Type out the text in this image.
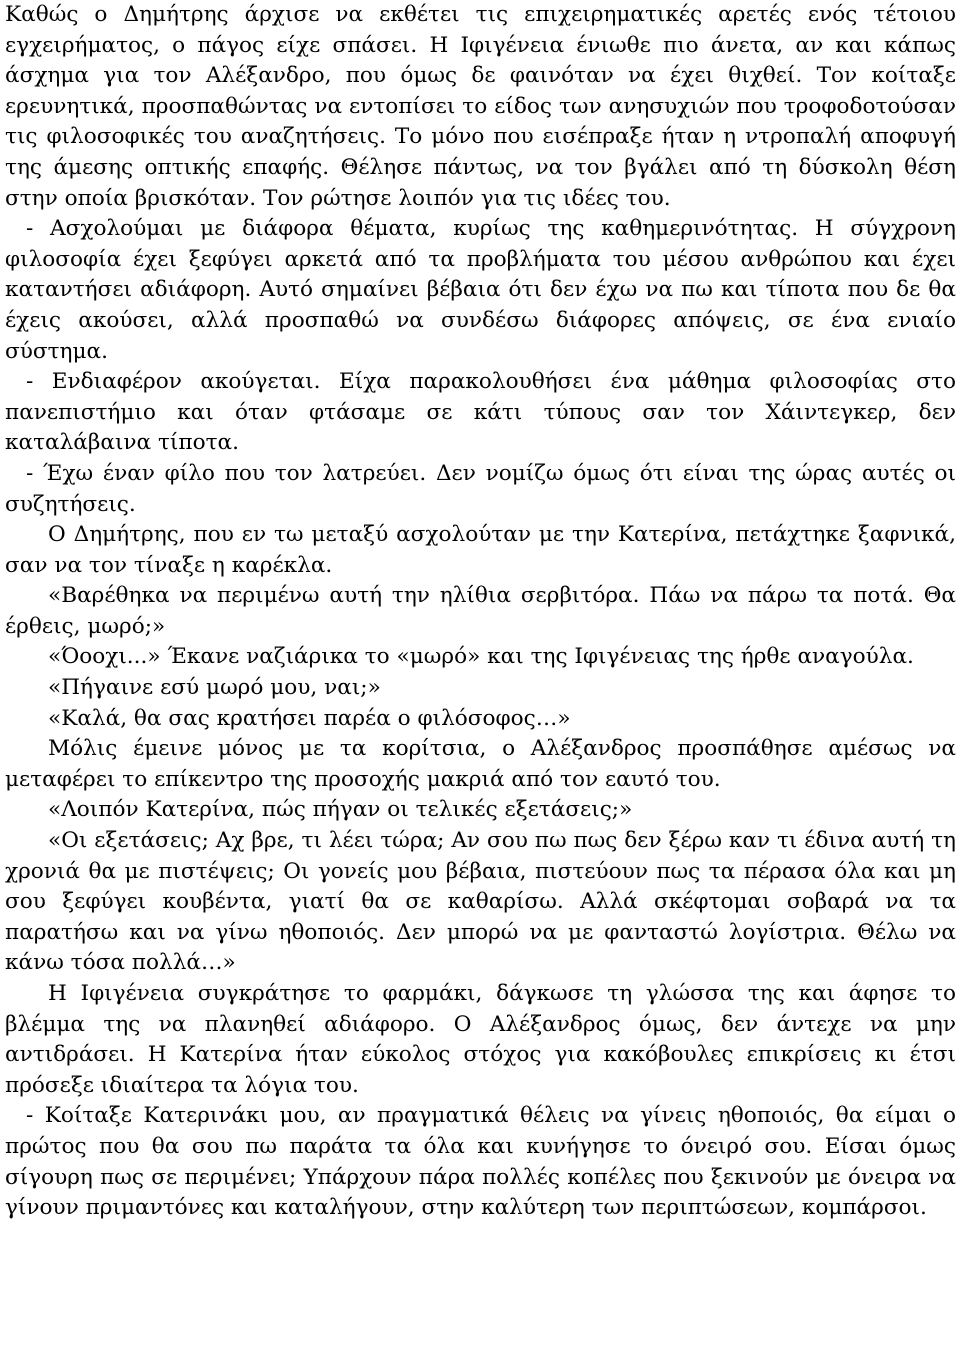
Καθώς ο Δημήτρης άρχισε να εκθέτει τις επιχειρηματικές αρετές ενός τέτοιου εγχειρήματος, ο πάγος είχε σπάσει. Η Ιφιγένεια ένιωθε πιο άνετα, αν και κάπως άσχημα για τον Αλέξανδρο, που όμως δε φαινόταν να έχει θιχθεί. Τον κοίταξε ερευνητικά, προσπαθώντας να εντοπίσει το είδος των ανησυχιών που τροφοδοτούσαν τις φιλοσοφικές του αναζητήσεις. Το μόνο που εισέπραξε ήταν η ντροπαλή αποφυγή της άμεσης οπτικής επαφής. Θέλησε πάντως, να τον βγάλει από τη δύσκολη θέση στην οποία βρισκόταν. Τον ρώτησε λοιπόν για τις ιδέες του.

- Ασχολούμαι με διάφορα θέματα, κυρίως της καθημερινότητας. Η σύγχρονη φιλοσοφία έχει ξεφύγει αρκετά από τα προβλήματα του μέσου ανθρώπου και έχει καταντήσει αδιάφορη. Αυτό σημαίνει βέβαια ότι δεν έχω να πω και τίποτα που δε θα έχεις ακούσει, αλλά προσπαθώ να συνδέσω διάφορες απόψεις, σε ένα ενιαίο σύστημα.

- Ενδιαφέρον ακούγεται. Είχα παρακολουθήσει ένα μάθημα φιλοσοφίας στο πανεπιστήμιο και όταν φτάσαμε σε κάτι τύπους σαν τον Χάιντεγκερ, δεν καταλάβαινα τίποτα.

- Έχω έναν φίλο που τον λατρεύει. Δεν νομίζω όμως ότι είναι της ώρας αυτές οι συζητήσεις.

Ο Δημήτρης, που εν τω μεταξύ ασχολούταν με την Κατερίνα, πετάχτηκε ξαφνικά, σαν να τον τίναξε η καρέκλα.

«Βαρέθηκα να περιμένω αυτή την ηλίθια σερβιτόρα. Πάω να πάρω τα ποτά. Θα έρθεις, μωρό;»

«Όοοχι...» Έκανε ναζιάρικα το «μωρό» και της Ιφιγένειας της ήρθε αναγούλα.

«Πήγαινε εσύ μωρό μου, ναι;»

«Καλά, θα σας κρατήσει παρέα ο φιλόσοφος…»

Μόλις έμεινε μόνος με τα κορίτσια, ο Αλέξανδρος προσπάθησε αμέσως να μεταφέρει το επίκεντρο της προσοχής μακριά από τον εαυτό του.

«Λοιπόν Κατερίνα, πώς πήγαν οι τελικές εξετάσεις;»

«Οι εξετάσεις; Αχ βρε, τι λέει τώρα; Αν σου πω πως δεν ξέρω καν τι έδινα αυτή τη χρονιά θα με πιστέψεις; Οι γονείς μου βέβαια, πιστεύουν πως τα πέρασα όλα και μη σου ξεφύγει κουβέντα, γιατί θα σε καθαρίσω. Αλλά σκέφτομαι σοβαρά να τα παρατήσω και να γίνω ηθοποιός. Δεν μπορώ να με φανταστώ λογίστρια. Θέλω να κάνω τόσα πολλά…»

Η Ιφιγένεια συγκράτησε το φαρμάκι, δάγκωσε τη γλώσσα της και άφησε το βλέμμα της να πλανηθεί αδιάφορο. Ο Αλέξανδρος όμως, δεν άντεχε να μην αντιδράσει. Η Κατερίνα ήταν εύκολος στόχος για κακόβουλες επικρίσεις κι έτσι πρόσεξε ιδιαίτερα τα λόγια του.

- Κοίταξε Κατερινάκι μου, αν πραγματικά θέλεις να γίνεις ηθοποιός, θα είμαι ο πρώτος που θα σου πω παράτα τα όλα και κυνήγησε το όνειρό σου. Είσαι όμως σίγουρη πως σε περιμένει; Υπάρχουν πάρα πολλές κοπέλες που ξεκινούν με όνειρα να γίνουν πριμαντόνες και καταλήγουν, στην καλύτερη των περιπτώσεων, κομπάρσοι.
